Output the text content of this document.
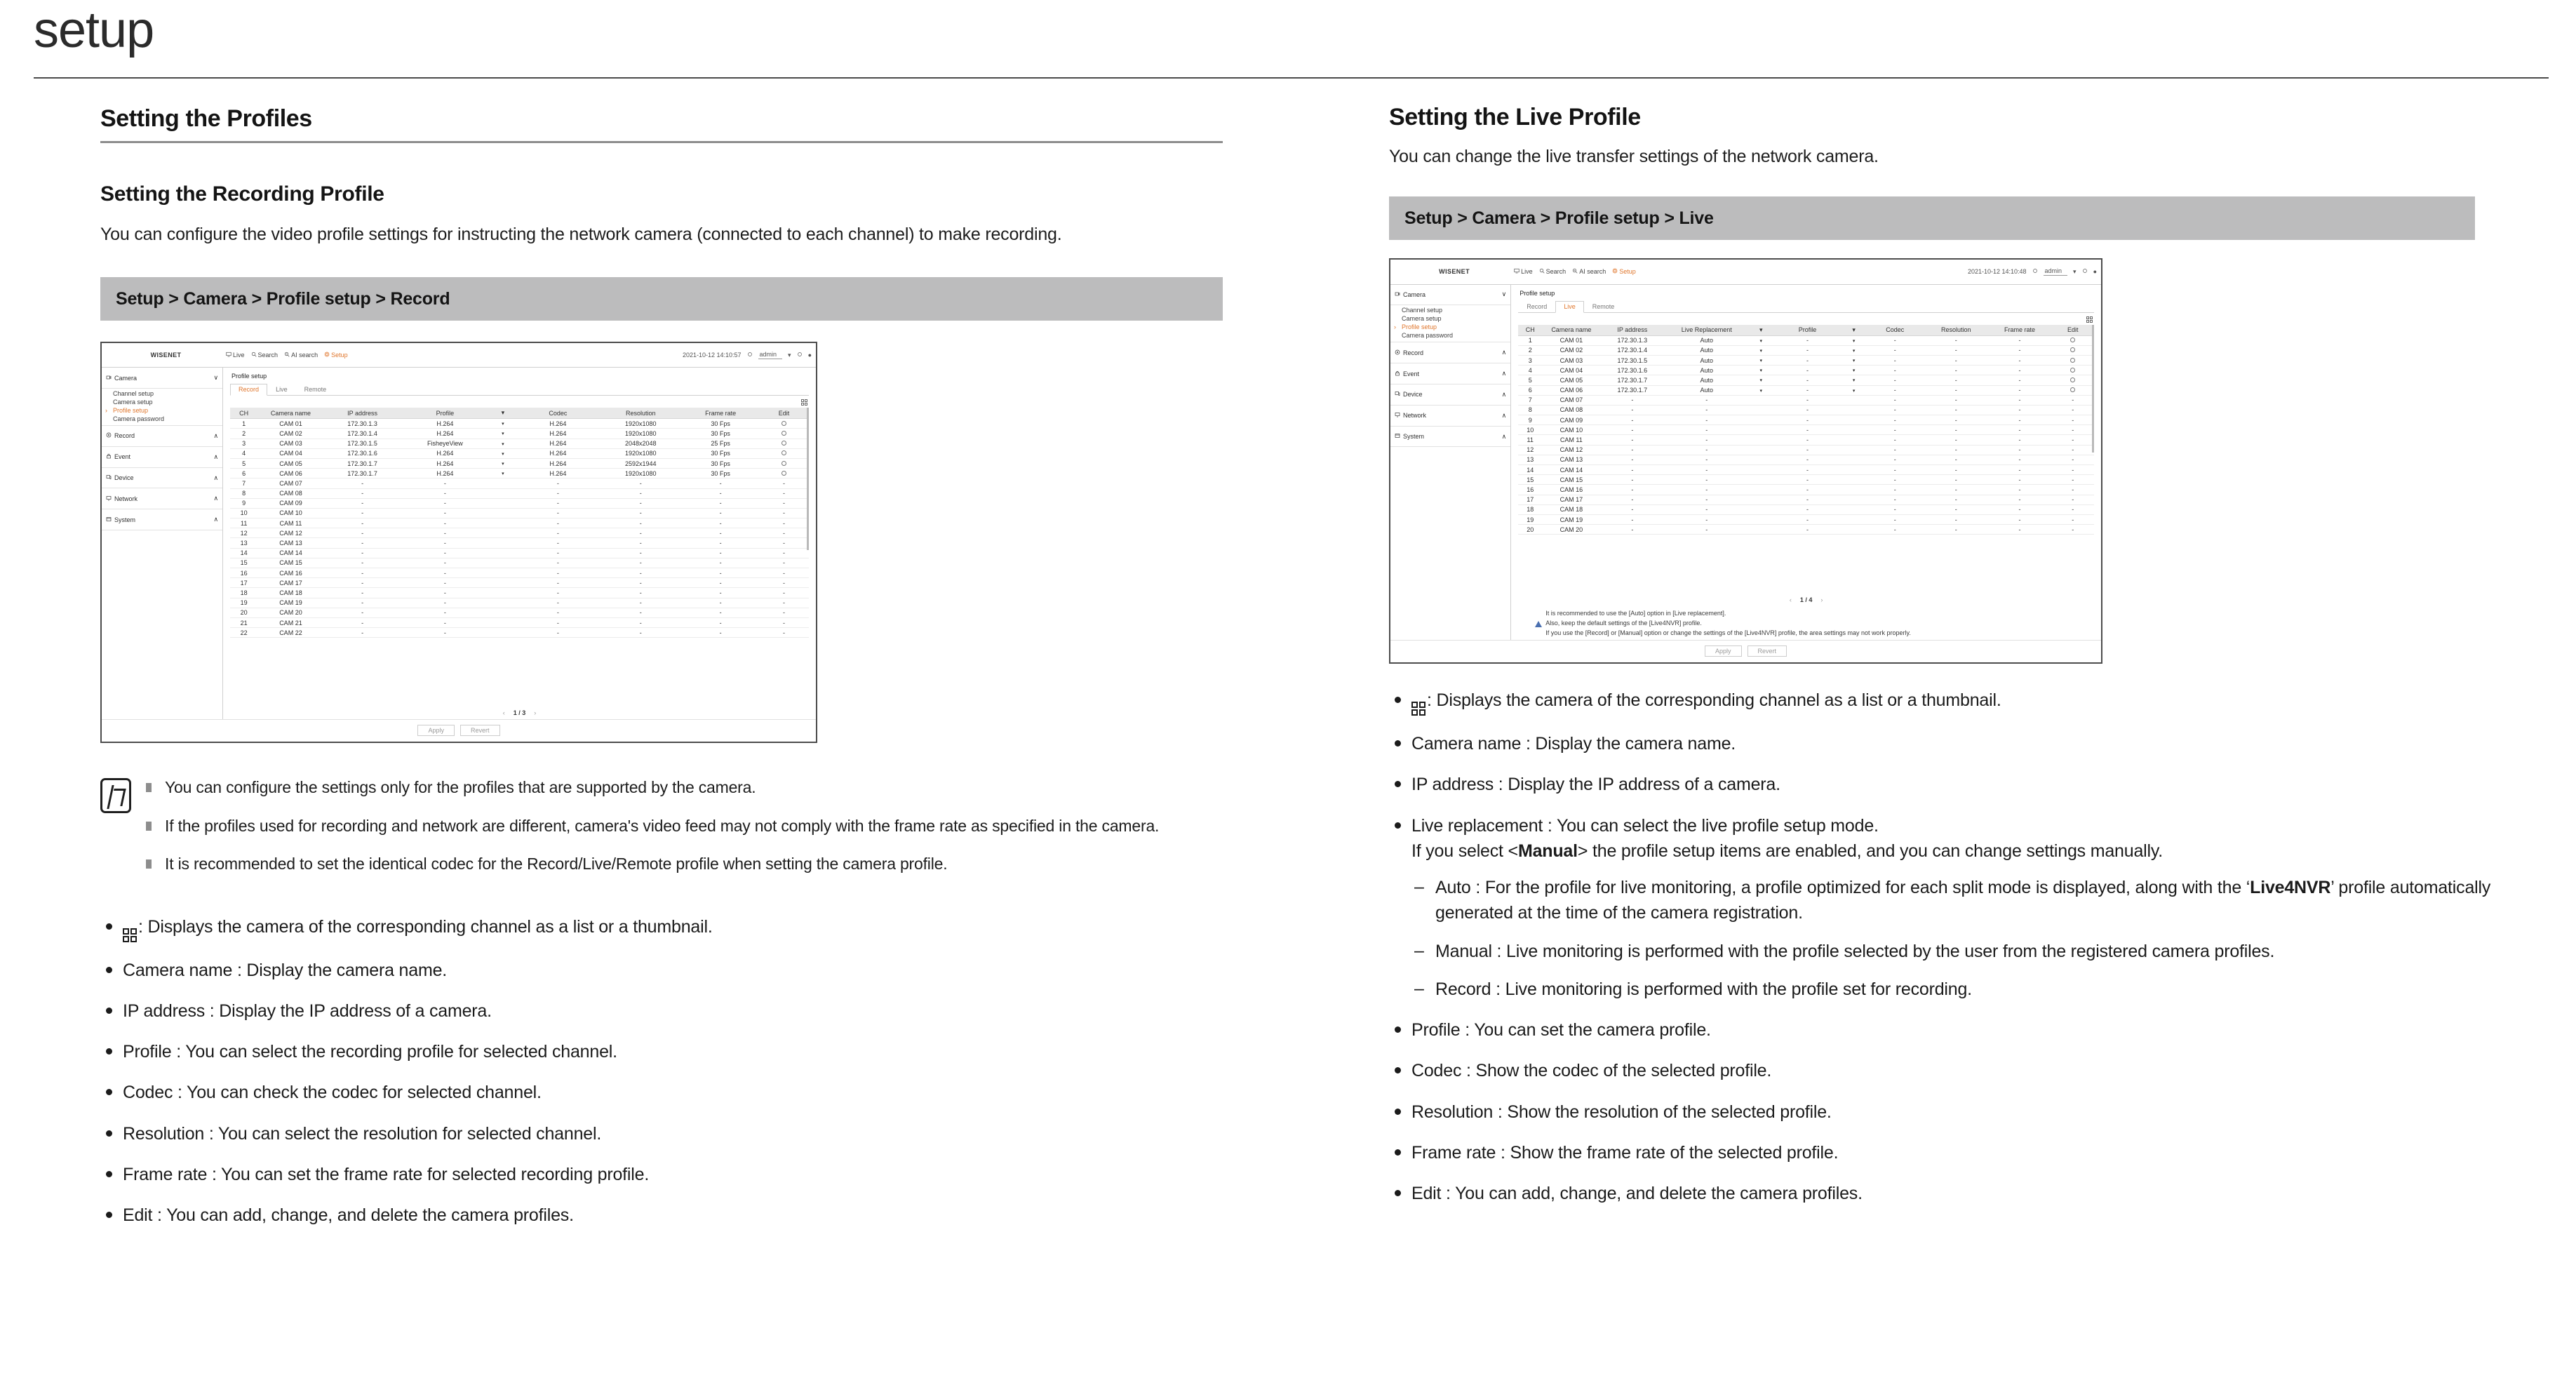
setup
Setting the Profiles
Setting the Recording Profile

You can configure the video profile settings for instructing the network camera (connected to each channel) to make recording.

Setup > Camera > Profile setup > Record
WISENET	Live Search AI search Setup	2021-10-12 14:10:57	admin	▾	●
Camera	∨
Channel setup
Camera setup
› Profile setup
Camera password
Record	∧
Event	∧
Device	∧
Network	∧
System	∧
Profile setup
Record	Live	Remote
CH	Camera name	IP address	Profile	▾	Codec	Resolution	Frame rate	Edit
1	CAM 01	172.30.1.3	H.264	▾	H.264	1920x1080	30 Fps	
2	CAM 02	172.30.1.4	H.264	▾	H.264	1920x1080	30 Fps	
3	CAM 03	172.30.1.5	FisheyeView	▾	H.264	2048x2048	25 Fps	
4	CAM 04	172.30.1.6	H.264	▾	H.264	1920x1080	30 Fps	
5	CAM 05	172.30.1.7	H.264	▾	H.264	2592x1944	30 Fps	
6	CAM 06	172.30.1.7	H.264	▾	H.264	1920x1080	30 Fps	
7	CAM 07	-	-		-	-	-	-
8	CAM 08	-	-		-	-	-	-
9	CAM 09	-	-		-	-	-	-
10	CAM 10	-	-		-	-	-	-
11	CAM 11	-	-		-	-	-	-
12	CAM 12	-	-		-	-	-	-
13	CAM 13	-	-		-	-	-	-
14	CAM 14	-	-		-	-	-	-
15	CAM 15	-	-		-	-	-	-
16	CAM 16	-	-		-	-	-	-
17	CAM 17	-	-		-	-	-	-
18	CAM 18	-	-		-	-	-	-
19	CAM 19	-	-		-	-	-	-
20	CAM 20	-	-		-	-	-	-
21	CAM 21	-	-		-	-	-	-
22	CAM 22	-	-		-	-	-	-
‹ 1 / 3 ›
Apply	Revert
You can configure the settings only for the profiles that are supported by the camera.
If the profiles used for recording and network are different, camera's video feed may not comply with the frame rate as specified in the camera.
It is recommended to set the identical codec for the Record/Live/Remote profile when setting the camera profile.
: Displays the camera of the corresponding channel as a list or a thumbnail.
Camera name : Display the camera name.
IP address : Display the IP address of a camera.
Profile : You can select the recording profile for selected channel.
Codec : You can check the codec for selected channel.
Resolution : You can select the resolution for selected channel.
Frame rate : You can set the frame rate for selected recording profile.
Edit : You can add, change, and delete the camera profiles.
Setting the Live Profile

You can change the live transfer settings of the network camera.

Setup > Camera > Profile setup > Live
WISENET	Live Search AI search Setup	2021-10-12 14:10:48	admin	▾	●
Camera	∨
Channel setup
Camera setup
› Profile setup
Camera password
Record	∧
Event	∧
Device	∧
Network	∧
System	∧
Profile setup
Record	Live	Remote
CH	Camera name	IP address	Live Replacement	▾	Profile	▾	Codec	Resolution	Frame rate	Edit
1	CAM 01	172.30.1.3	Auto	▾	-	▾	-	-	-	
2	CAM 02	172.30.1.4	Auto	▾	-	▾	-	-	-	
3	CAM 03	172.30.1.5	Auto	▾	-	▾	-	-	-	
4	CAM 04	172.30.1.6	Auto	▾	-	▾	-	-	-	
5	CAM 05	172.30.1.7	Auto	▾	-	▾	-	-	-	
6	CAM 06	172.30.1.7	Auto	▾	-	▾	-	-	-	
7	CAM 07	-	-		-		-	-	-	-
8	CAM 08	-	-		-		-	-	-	-
9	CAM 09	-	-		-		-	-	-	-
10	CAM 10	-	-		-		-	-	-	-
11	CAM 11	-	-		-		-	-	-	-
12	CAM 12	-	-		-		-	-	-	-
13	CAM 13	-	-		-		-	-	-	-
14	CAM 14	-	-		-		-	-	-	-
15	CAM 15	-	-		-		-	-	-	-
16	CAM 16	-	-		-		-	-	-	-
17	CAM 17	-	-		-		-	-	-	-
18	CAM 18	-	-		-		-	-	-	-
19	CAM 19	-	-		-		-	-	-	-
20	CAM 20	-	-		-		-	-	-	-
‹ 1 / 4 ›
It is recommended to use the [Auto] option in [Live replacement].
Also, keep the default settings of the [Live4NVR] profile.
If you use the [Record] or [Manual] option or change the settings of the [Live4NVR] profile, the area settings may not work properly.
Apply	Revert
: Displays the camera of the corresponding channel as a list or a thumbnail.
Camera name : Display the camera name.
IP address : Display the IP address of a camera.
Live replacement : You can select the live profile setup mode.
If you select <Manual> the profile setup items are enabled, and you can change settings manually.
– Auto : For the profile for live monitoring, a profile optimized for each split mode is displayed, along with the ‘Live4NVR’ profile automatically generated at the time of the camera registration.
– Manual : Live monitoring is performed with the profile selected by the user from the registered camera profiles.
– Record : Live monitoring is performed with the profile set for recording.
Profile : You can set the camera profile.
Codec : Show the codec of the selected profile.
Resolution : Show the resolution of the selected profile.
Frame rate : Show the frame rate of the selected profile.
Edit : You can add, change, and delete the camera profiles.
